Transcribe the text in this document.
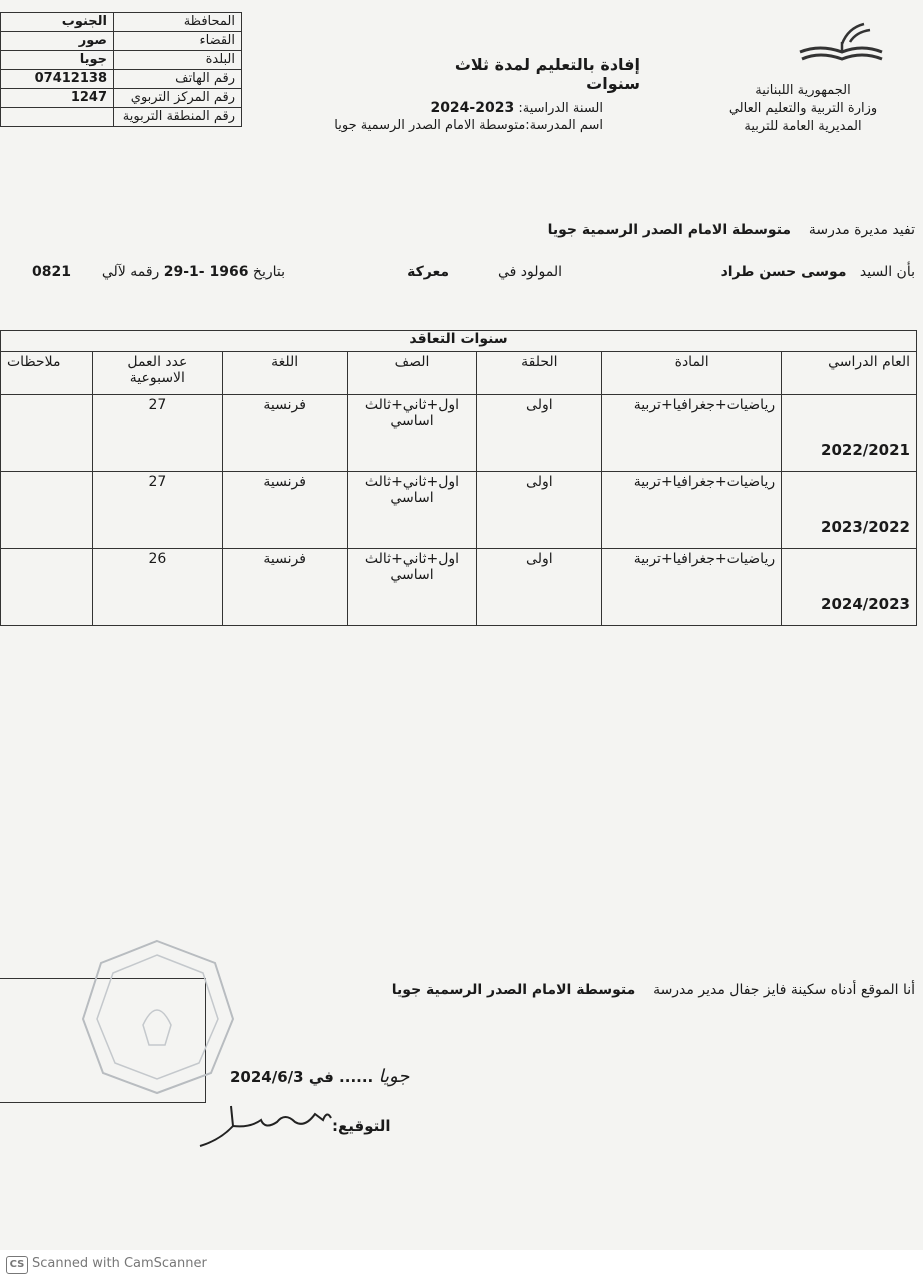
الجنوب	المحافظة
صور	القضاء
جويا	البلدة
07412138	رقم الهاتف
1247	رقم المركز التربوي
	رقم المنطقة التربوية
الجمهورية اللبنانية
وزارة التربية والتعليم العالي
المديرية العامة للتربية
إفادة بالتعليم لمدة ثلاث سنوات
السنة الدراسية: 2023-2024
اسم المدرسة:متوسطة الامام الصدر الرسمية جويا
تفيد مديرة مدرسة    متوسطة الامام الصدر الرسمية جويا
بأن السيد   موسى حسن طراد
المولود في  معركة
بتاريخ 29-1- 1966 رقمه لآلي  0821
سنوات التعاقد						
العام الدراسي	المادة	الحلقة	الصف	اللغة	عدد العمل الاسبوعية	ملاحظات
2022/2021	رياضيات+جغرافيا+تربية	اولى	اول+ثاني+ثالث اساسي	فرنسية	27	
2023/2022	رياضيات+جغرافيا+تربية	اولى	اول+ثاني+ثالث اساسي	فرنسية	27	
2024/2023	رياضيات+جغرافيا+تربية	اولى	اول+ثاني+ثالث اساسي	فرنسية	26	
أنا الموقع أدناه سكينة فايز جفال مدير مدرسة    متوسطة الامام الصدر الرسمية جويا
جويا ...... في 2024/6/3
التوقيع:
CS Scanned with CamScanner
